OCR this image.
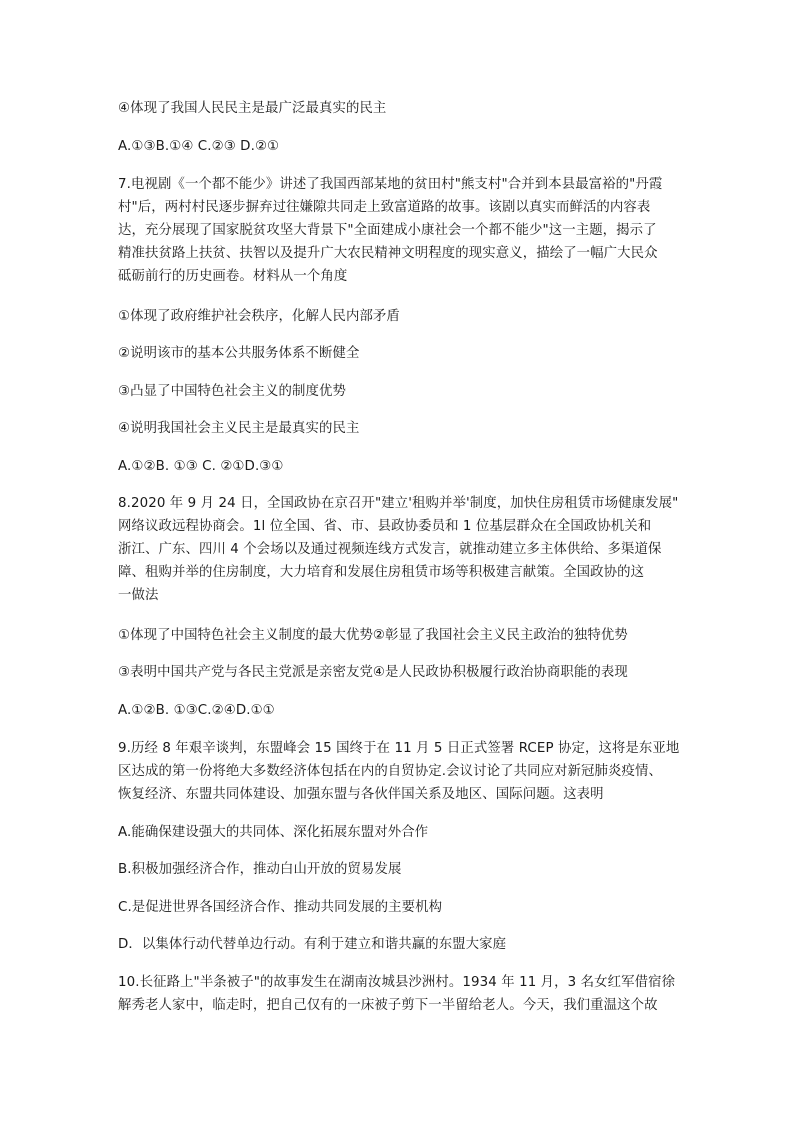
④体现了我国人民民主是最广泛最真实的民主
A.①③B.①④ C.②③ D.②①
7.电视剧《一个都不能少》讲述了我国西部某地的贫田村"熊支村"合并到本县最富裕的"丹霞
村"后，两村村民逐步摒弃过往嫌隙共同走上致富道路的故事。该剧以真实而鲜活的内容表
达，充分展现了国家脱贫攻坚大背景下"全面建成小康社会一个都不能少"这一主题，揭示了
精准扶贫路上扶贫、扶智以及提升广大农民精神文明程度的现实意义，描绘了一幅广大民众
砥砺前行的历史画卷。材料从一个角度
①体现了政府维护社会秩序，化解人民内部矛盾
②说明该市的基本公共服务体系不断健全
③凸显了中国特色社会主义的制度优势
④说明我国社会主义民主是最真实的民主
A.①②B. ①③ C. ②①D.③①
8.2020 年 9 月 24 日，全国政协在京召开"建立'租购并举'制度，加快住房租赁市场健康发展"
网络议政远程协商会。1l 位全国、省、市、县政协委员和 1 位基层群众在全国政协机关和
浙江、广东、四川 4 个会场以及通过视频连线方式发言，就推动建立多主体供给、多渠道保
障、租购并举的住房制度，大力培育和发展住房租赁市场等积极建言献策。全国政协的这
一做法
①体现了中国特色社会主义制度的最大优势②彰显了我国社会主义民主政治的独特优势
③表明中国共产党与各民主党派是亲密友党④是人民政协积极履行政治协商职能的表现
A.①②B. ①③C.②④D.①①
9.历经 8 年艰辛谈判，东盟峰会 15 国终于在 11 月 5 日正式签署 RCEP 协定，这将是东亚地
区达成的第一份将绝大多数经济体包括在内的自贸协定.会议讨论了共同应对新冠肺炎疫情、
恢复经济、东盟共同体建设、加强东盟与各伙伴国关系及地区、国际问题。这表明
A.能确保建设强大的共同体、深化拓展东盟对外合作
B.积极加强经济合作，推动白山开放的贸易发展
C.是促进世界各国经济合作、推动共同发展的主要机构
D．以集体行动代替单边行动。有利于建立和谐共赢的东盟大家庭
10.长征路上"半条被子"的故事发生在湖南汝城县沙洲村。1934 年 11 月，3 名女红军借宿徐
解秀老人家中，临走时，把自己仅有的一床被子剪下一半留给老人。今天，我们重温这个故
